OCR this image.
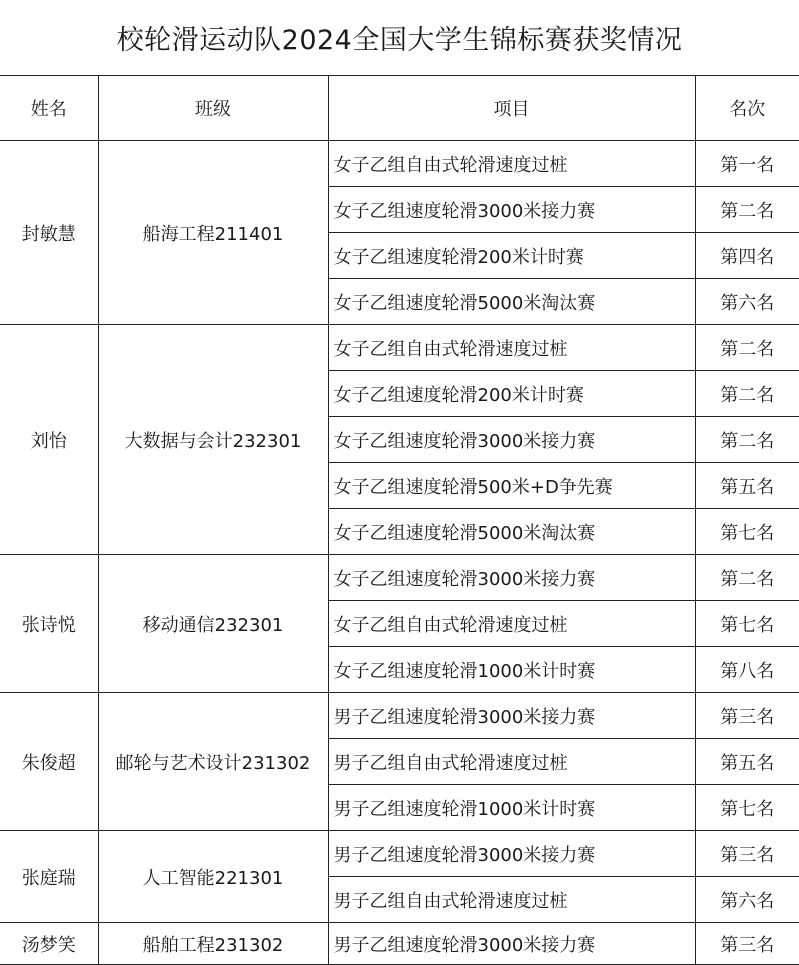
校轮滑运动队2024全国大学生锦标赛获奖情况
姓名	班级	项目	名次
封敏慧	船海工程211401	女子乙组自由式轮滑速度过桩	第一名
		女子乙组速度轮滑3000米接力赛	第二名
		女子乙组速度轮滑200米计时赛	第四名
		女子乙组速度轮滑5000米淘汰赛	第六名
刘怡	大数据与会计232301	女子乙组自由式轮滑速度过桩	第二名
		女子乙组速度轮滑200米计时赛	第二名
		女子乙组速度轮滑3000米接力赛	第二名
		女子乙组速度轮滑500米+D争先赛	第五名
		女子乙组速度轮滑5000米淘汰赛	第七名
张诗悦	移动通信232301	女子乙组速度轮滑3000米接力赛	第二名
		女子乙组自由式轮滑速度过桩	第七名
		女子乙组速度轮滑1000米计时赛	第八名
朱俊超	邮轮与艺术设计231302	男子乙组速度轮滑3000米接力赛	第三名
		男子乙组自由式轮滑速度过桩	第五名
		男子乙组速度轮滑1000米计时赛	第七名
张庭瑞	人工智能221301	男子乙组速度轮滑3000米接力赛	第三名
		男子乙组自由式轮滑速度过桩	第六名
汤梦笑	船舶工程231302	男子乙组速度轮滑3000米接力赛	第三名
